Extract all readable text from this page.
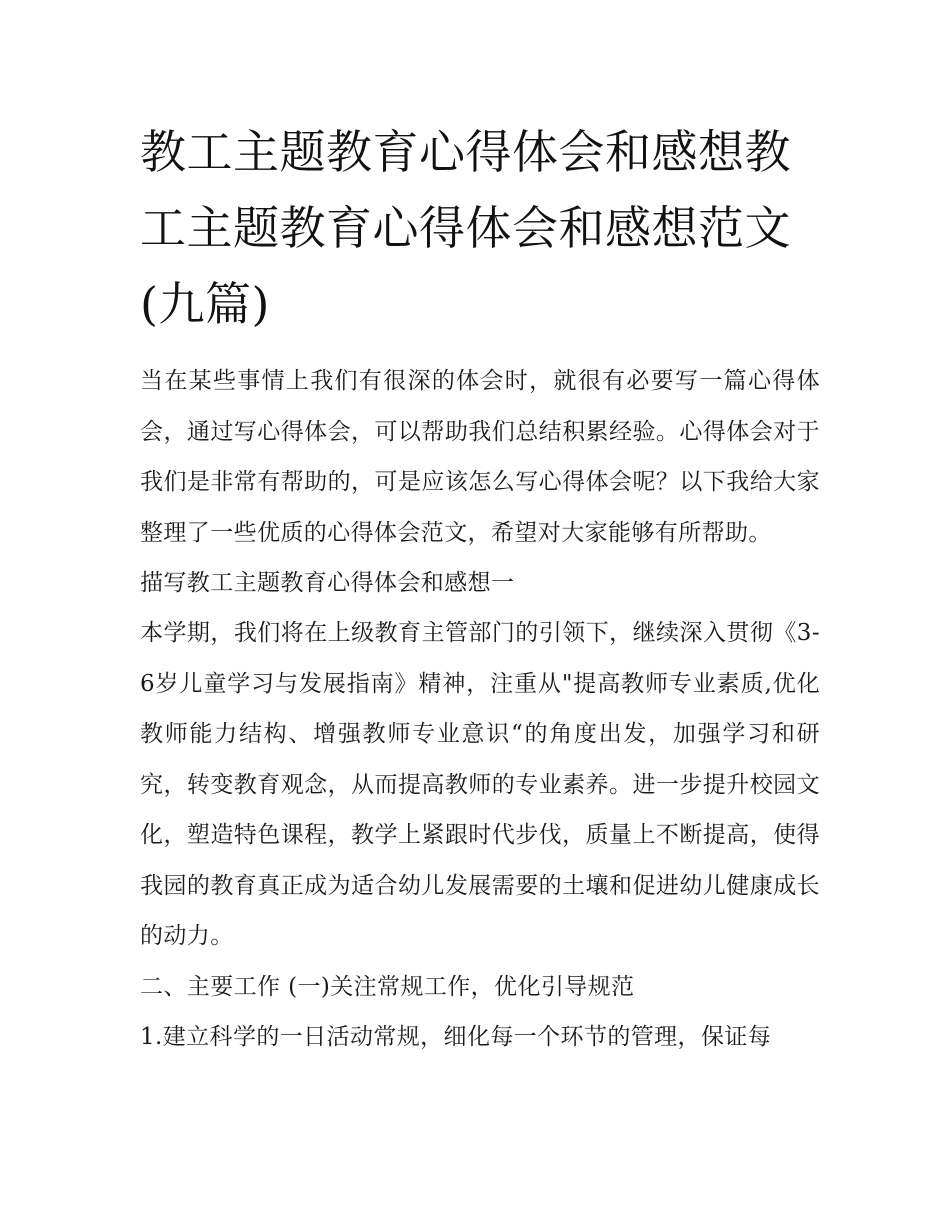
教工主题教育心得体会和感想教工主题教育心得体会和感想范文(九篇)

当在某些事情上我们有很深的体会时，就很有必要写一篇心得体会，通过写心得体会，可以帮助我们总结积累经验。心得体会对于我们是非常有帮助的，可是应该怎么写心得体会呢？以下我给大家整理了一些优质的心得体会范文，希望对大家能够有所帮助。

描写教工主题教育心得体会和感想一

本学期，我们将在上级教育主管部门的引领下，继续深入贯彻《3-6岁儿童学习与发展指南》精神，注重从"提高教师专业素质,优化教师能力结构、增强教师专业意识“的角度出发，加强学习和研究，转变教育观念，从而提高教师的专业素养。进一步提升校园文化，塑造特色课程，教学上紧跟时代步伐，质量上不断提高，使得我园的教育真正成为适合幼儿发展需要的土壤和促进幼儿健康成长的动力。

二、主要工作 (一)关注常规工作，优化引导规范

1.建立科学的一日活动常规，细化每一个环节的管理，保证每
